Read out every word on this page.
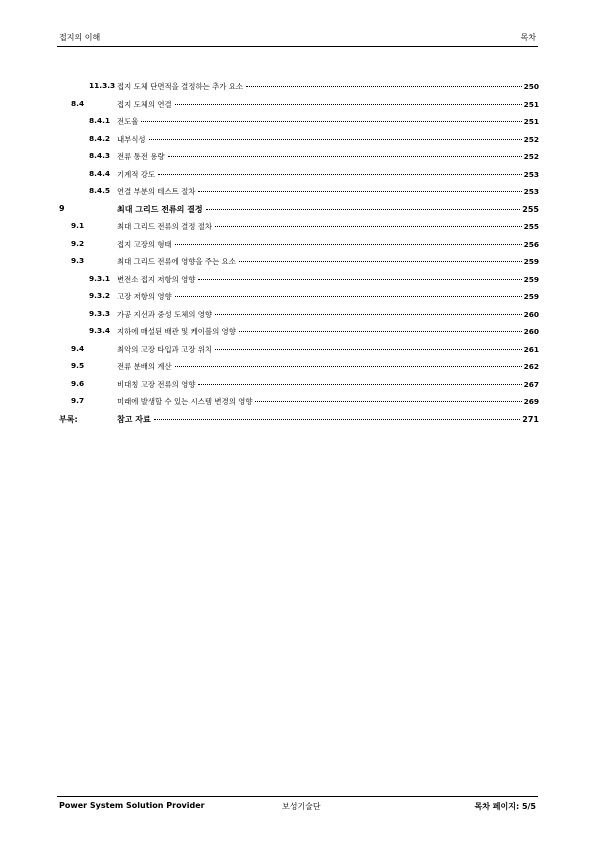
접지의 이해	목차
11.3.3 접지 도체 단면적을 결정하는 추가 요소	250
8.4	접지 도체의 연결	251
8.4.1 전도율	251
8.4.2 내부식성	252
8.4.3 전류 통전 용량	252
8.4.4 기계적 강도	253
8.4.5 연결 부분의 테스트 절차	253
9	최대 그리드 전류의 결정	255
9.1	최대 그리드 전류의 결정 절차	255
9.2	접지 고장의 형태	256
9.3	최대 그리드 전류에 영향을 주는 요소	259
9.3.1 변전소 접지 저항의 영향	259
9.3.2 고장 저항의 영향	259
9.3.3 가공 지선과 중성 도체의 영향	260
9.3.4 지하에 매설된 배관 및 케이블의 영향	260
9.4	최악의 고장 타입과 고장 위치	261
9.5	전류 분배의 계산	262
9.6	비대칭 고장 전류의 영향	267
9.7	미래에 발생할 수 있는 시스템 변경의 영향	269
부록:	참고 자료	271
Power System Solution Provider	보성기술단	목차 페이지: 5/5
